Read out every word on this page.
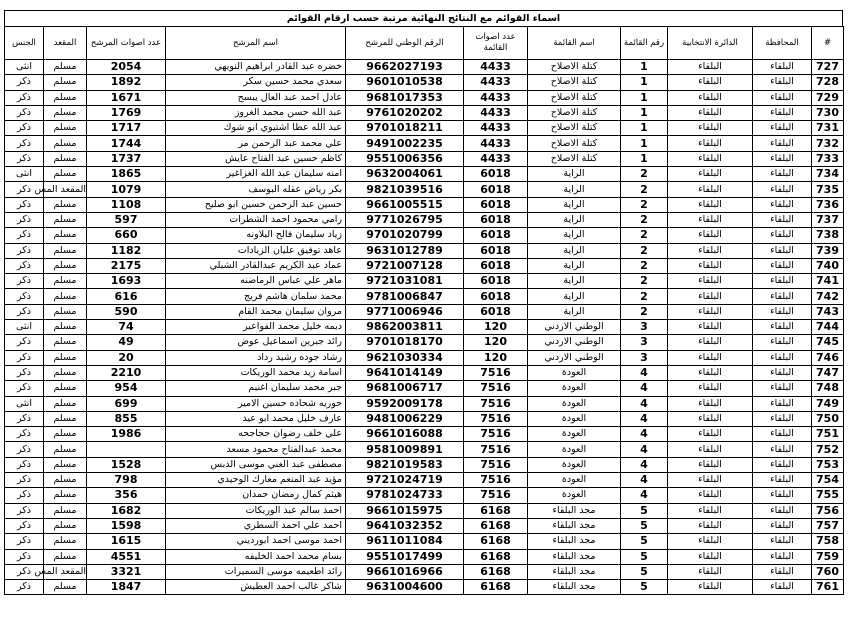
اسماء القوائم مع النتائج النهائية مرتبة حسب ارقام القوائم
#	المحافظة	الدائرة الانتخابية	رقم القائمة	اسم القائمة	عدد اصوات القائمة	الرقم الوطني للمرشح	اسم المرشح	عدد اصوات المرشح	المقعد	الجنس
727	البلقاء	البلقاء	1	كتلة الاصلاح	4433	9662027193	خضره عبد القادر ابراهيم النويهي	2054	مسلم	انثى
728	البلقاء	البلقاء	1	كتلة الاصلاح	4433	9601010538	سعدي محمد حسين سكر	1892	مسلم	ذكر
729	البلقاء	البلقاء	1	كتلة الاصلاح	4433	9681017353	عادل احمد عبد العال يبسح	1671	مسلم	ذكر
730	البلقاء	البلقاء	1	كتلة الاصلاح	4433	9761020202	عبد الله حسن محمد الغروز	1769	مسلم	ذكر
731	البلقاء	البلقاء	1	كتلة الاصلاح	4433	9701018211	عبد الله عطا اشتيوي ابو شوك	1717	مسلم	ذكر
732	البلقاء	البلقاء	1	كتلة الاصلاح	4433	9491002235	علي محمد عبد الرحمن مر	1744	مسلم	ذكر
733	البلقاء	البلقاء	1	كتلة الاصلاح	4433	9551006356	كاظم حسين عبد الفتاح عايش	1737	مسلم	ذكر
734	البلقاء	البلقاء	2	الراية	6018	9632004061	امنه سليمان عبد الله الغزاغير	1865	مسلم	انثى
735	البلقاء	البلقاء	2	الراية	6018	9821039516	بكر رياض عقله البوسف	1079	المقعد المس	ذكر
736	البلقاء	البلقاء	2	الراية	6018	9661005515	حسين عبد الرحمن حسين ابو صليح	1108	مسلم	ذكر
737	البلقاء	البلقاء	2	الراية	6018	9771026795	رامي محمود احمد الشطرات	597	مسلم	ذكر
738	البلقاء	البلقاء	2	الراية	6018	9701020799	زياد سليمان فالح البلاونه	660	مسلم	ذكر
739	البلقاء	البلقاء	2	الراية	6018	9631012789	عاهد توفيق عليان الزيادات	1182	مسلم	ذكر
740	البلقاء	البلقاء	2	الراية	6018	9721007128	عماد عبد الكريم عبدالقادر الشبلي	2175	مسلم	ذكر
741	البلقاء	البلقاء	2	الراية	6018	9721031081	ماهر علي عباس الرماضنه	1693	مسلم	ذكر
742	البلقاء	البلقاء	2	الراية	6018	9781006847	محمد سلمان هاشم فريج	616	مسلم	ذكر
743	البلقاء	البلقاء	2	الراية	6018	9771006946	مروان سليمان محمد القام	590	مسلم	ذكر
744	البلقاء	البلقاء	3	الوطني الاردني	120	9862003811	ديمه خليل محمد الفواعير	74	مسلم	انثى
745	البلقاء	البلقاء	3	الوطني الاردني	120	9701018170	رائد جبرين اسماعيل عوض	49	مسلم	ذكر
746	البلقاء	البلقاء	3	الوطني الاردني	120	9621030334	رشاد جوده رشيد رداد	20	مسلم	ذكر
747	البلقاء	البلقاء	4	العودة	7516	9641014149	اسامة زيد محمد الوريكات	2210	مسلم	ذكر
748	البلقاء	البلقاء	4	العودة	7516	9681006717	جبر محمد سليمان اغنيم	954	مسلم	ذكر
749	البلقاء	البلقاء	4	العودة	7516	9592009178	حوريه شحاده حسين الامير	699	مسلم	انثى
750	البلقاء	البلقاء	4	العودة	7516	9481006229	عارف خليل محمد ابو عيد	855	مسلم	ذكر
751	البلقاء	البلقاء	4	العودة	7516	9661016088	علي خلف رضوان حجاجحه	1986	مسلم	ذكر
752	البلقاء	البلقاء	4	العودة	7516	9581009891	محمد عبدالفتاح محمود مسعد		مسلم	ذكر
753	البلقاء	البلقاء	4	العودة	7516	9821019583	مصطفى عبد الغني موسى الدبس	1528	مسلم	ذكر
754	البلقاء	البلقاء	4	العودة	7516	9721024719	مؤيد عبد المنعم معارك الوحيدي	798	مسلم	ذكر
755	البلقاء	البلقاء	4	العودة	7516	9781024733	هيثم كمال رمضان حمدان	356	مسلم	ذكر
756	البلقاء	البلقاء	5	مجد البلقاء	6168	9661015975	احمد سالم عبد الوريكات	1682	مسلم	ذكر
757	البلقاء	البلقاء	5	مجد البلقاء	6168	9641032352	احمد علي احمد السطري	1598	مسلم	ذكر
758	البلقاء	البلقاء	5	مجد البلقاء	6168	9611011084	احمد موسى احمد ابورديني	1615	مسلم	ذكر
759	البلقاء	البلقاء	5	مجد البلقاء	6168	9551017499	بسام محمد احمد الخليفه	4551	مسلم	ذكر
760	البلقاء	البلقاء	5	مجد البلقاء	6168	9661016966	رائد اطعيمه موسى السميرات	3321	المقعد المس	ذكر
761	البلقاء	البلقاء	5	مجد البلقاء	6168	9631004600	شاكر غالب احمد العطيش	1847	مسلم	ذكر
